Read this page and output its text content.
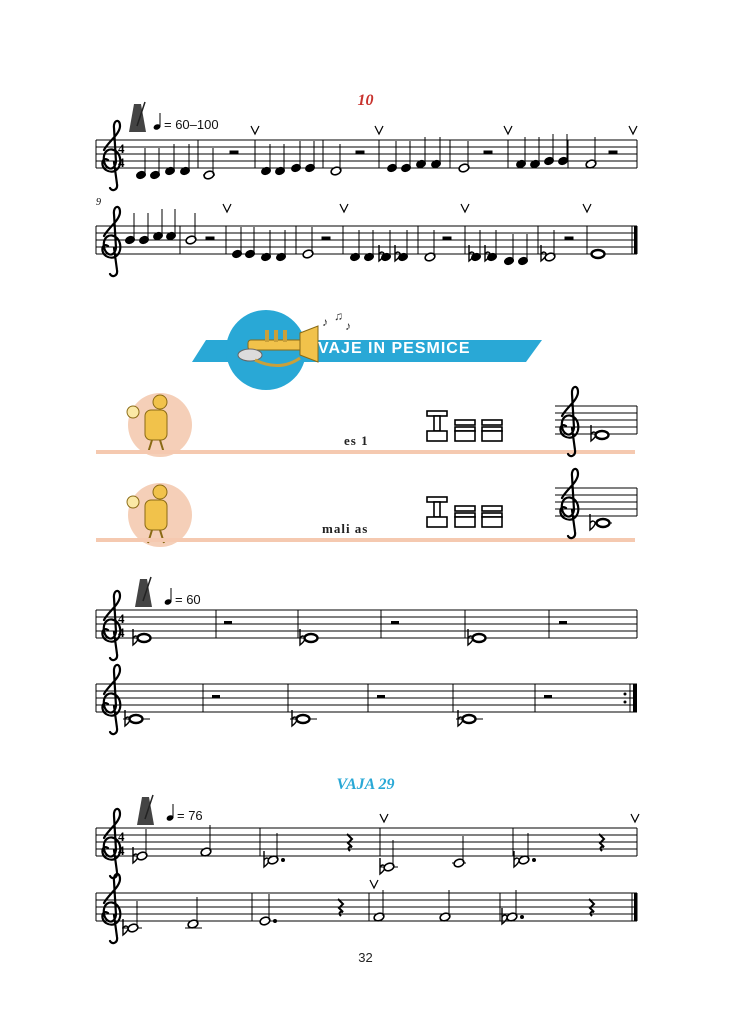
4
4
♪ ♫
♪
4
4
4
4
10
= 60–100
9
VAJE IN PESMICE
es 1
mali as
= 60
VAJA 29
= 76
32
